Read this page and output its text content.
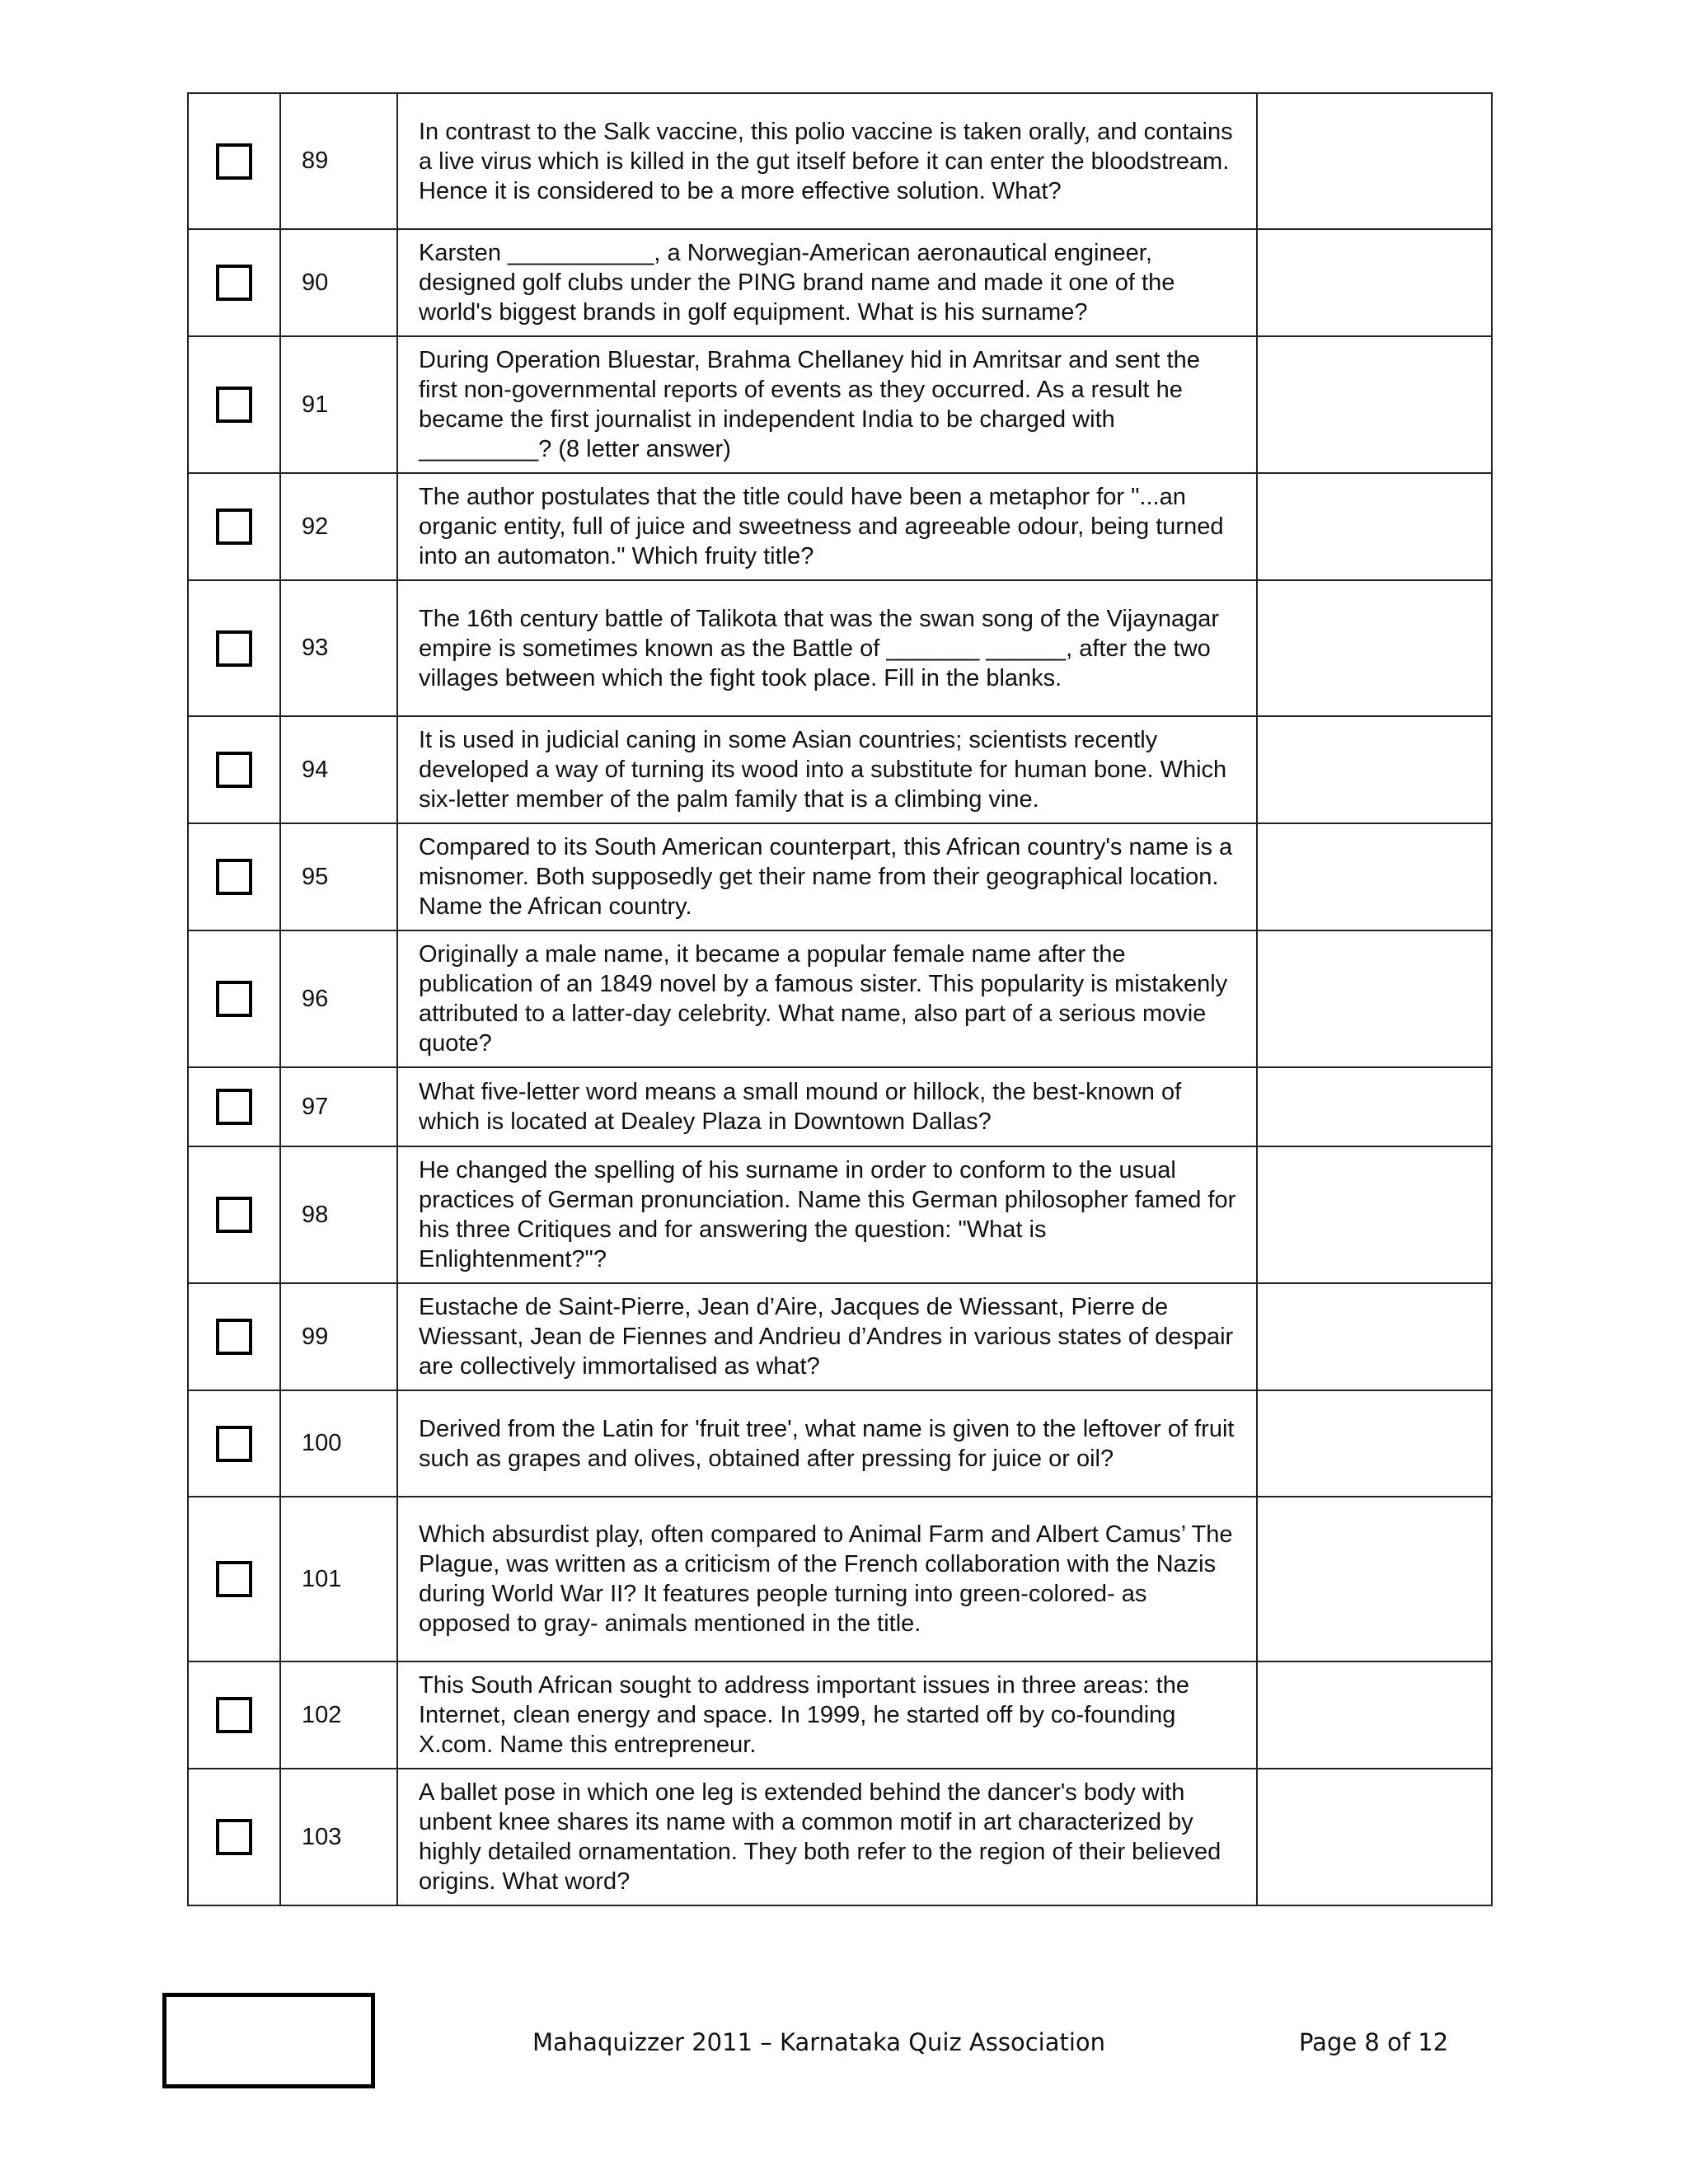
	89	In contrast to the Salk vaccine, this polio vaccine is taken orally, and contains a live virus which is killed in the gut itself before it can enter the bloodstream. Hence it is considered to be a more effective solution. What?	
	90	Karsten ___________, a Norwegian-American aeronautical engineer, designed golf clubs under the PING brand name and made it one of the world's biggest brands in golf equipment. What is his surname?	
	91	During Operation Bluestar, Brahma Chellaney hid in Amritsar and sent the first non-governmental reports of events as they occurred. As a result he became the first journalist in independent India to be charged with _________? (8 letter answer)	
	92	The author postulates that the title could have been a metaphor for "...an organic entity, full of juice and sweetness and agreeable odour, being turned into an automaton." Which fruity title?	
	93	The 16th century battle of Talikota that was the swan song of the Vijaynagar empire is sometimes known as the Battle of _______ ______, after the two villages between which the fight took place. Fill in the blanks.	
	94	It is used in judicial caning in some Asian countries; scientists recently developed a way of turning its wood into a substitute for human bone. Which six-letter member of the palm family that is a climbing vine.	
	95	Compared to its South American counterpart, this African country's name is a misnomer. Both supposedly get their name from their geographical location. Name the African country.	
	96	Originally a male name, it became a popular female name after the publication of an 1849 novel by a famous sister. This popularity is mistakenly attributed to a latter-day celebrity. What name, also part of a serious movie quote?	
	97	What five-letter word means a small mound or hillock, the best-known of which is located at Dealey Plaza in Downtown Dallas?	
	98	He changed the spelling of his surname in order to conform to the usual practices of German pronunciation. Name this German philosopher famed for his three Critiques and for answering the question: "What is Enlightenment?"?	
	99	Eustache de Saint-Pierre, Jean d’Aire, Jacques de Wiessant, Pierre de Wiessant, Jean de Fiennes and Andrieu d’Andres in various states of despair are collectively immortalised as what?	
	100	Derived from the Latin for 'fruit tree', what name is given to the leftover of fruit such as grapes and olives, obtained after pressing for juice or oil?	
	101	Which absurdist play, often compared to Animal Farm and Albert Camus’ The Plague, was written as a criticism of the French collaboration with the Nazis during World War II? It features people turning into green-colored- as opposed to gray- animals mentioned in the title.	
	102	This South African sought to address important issues in three areas: the Internet, clean energy and space. In 1999, he started off by co-founding X.com. Name this entrepreneur.	
	103	A ballet pose in which one leg is extended behind the dancer's body with unbent knee shares its name with a common motif in art characterized by highly detailed ornamentation. They both refer to the region of their believed origins. What word?	
Mahaquizzer 2011 – Karnataka Quiz Association	Page 8 of 12
